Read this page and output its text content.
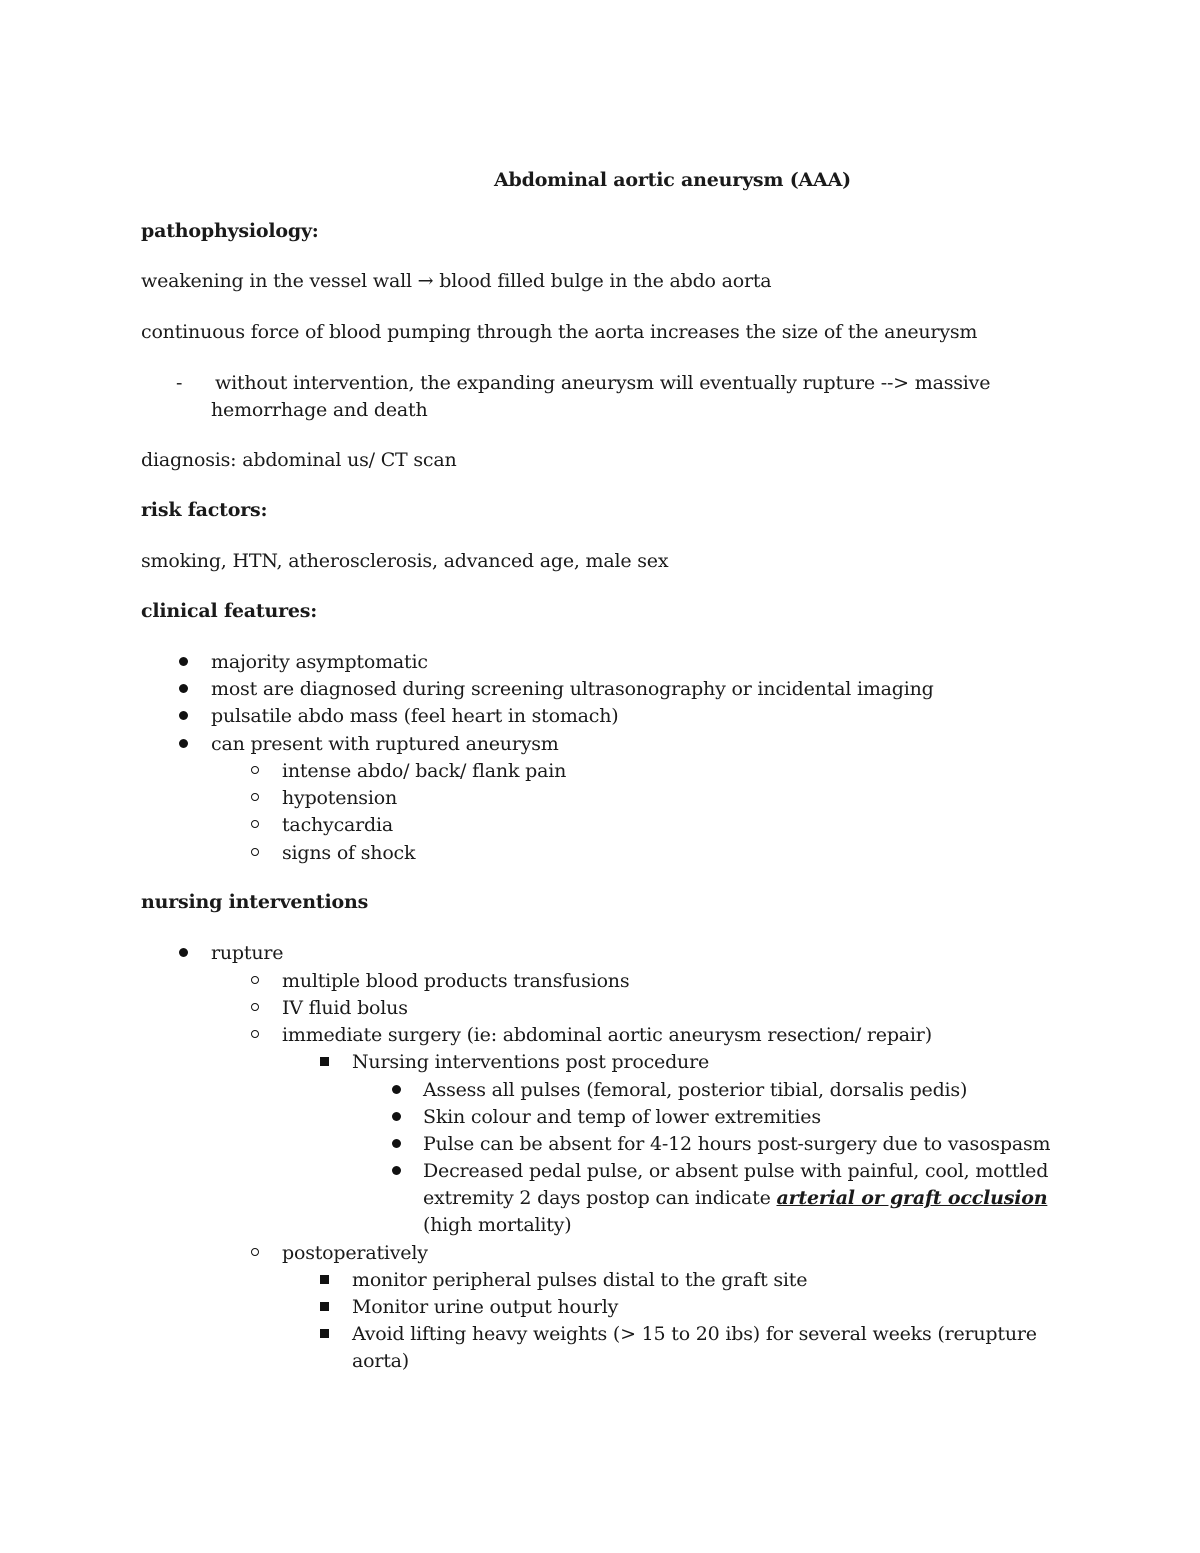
Abdominal aortic aneurysm (AAA)
pathophysiology:
weakening in the vessel wall → blood filled bulge in the abdo aorta
continuous force of blood pumping through the aorta increases the size of the aneurysm
- without intervention, the expanding aneurysm will eventually rupture --> massive
hemorrhage and death
diagnosis: abdominal us/ CT scan
risk factors:
smoking, HTN, atherosclerosis, advanced age, male sex
clinical features:
majority asymptomatic
most are diagnosed during screening ultrasonography or incidental imaging
pulsatile abdo mass (feel heart in stomach)
can present with ruptured aneurysm
intense abdo/ back/ flank pain
hypotension
tachycardia
signs of shock
nursing interventions
rupture
multiple blood products transfusions
IV fluid bolus
immediate surgery (ie: abdominal aortic aneurysm resection/ repair)
Nursing interventions post procedure
Assess all pulses (femoral, posterior tibial, dorsalis pedis)
Skin colour and temp of lower extremities
Pulse can be absent for 4-12 hours post-surgery due to vasospasm
Decreased pedal pulse, or absent pulse with painful, cool, mottled
extremity 2 days postop can indicate arterial or graft occlusion
(high mortality)
postoperatively
monitor peripheral pulses distal to the graft site
Monitor urine output hourly
Avoid lifting heavy weights (> 15 to 20 ibs) for several weeks (rerupture
aorta)
